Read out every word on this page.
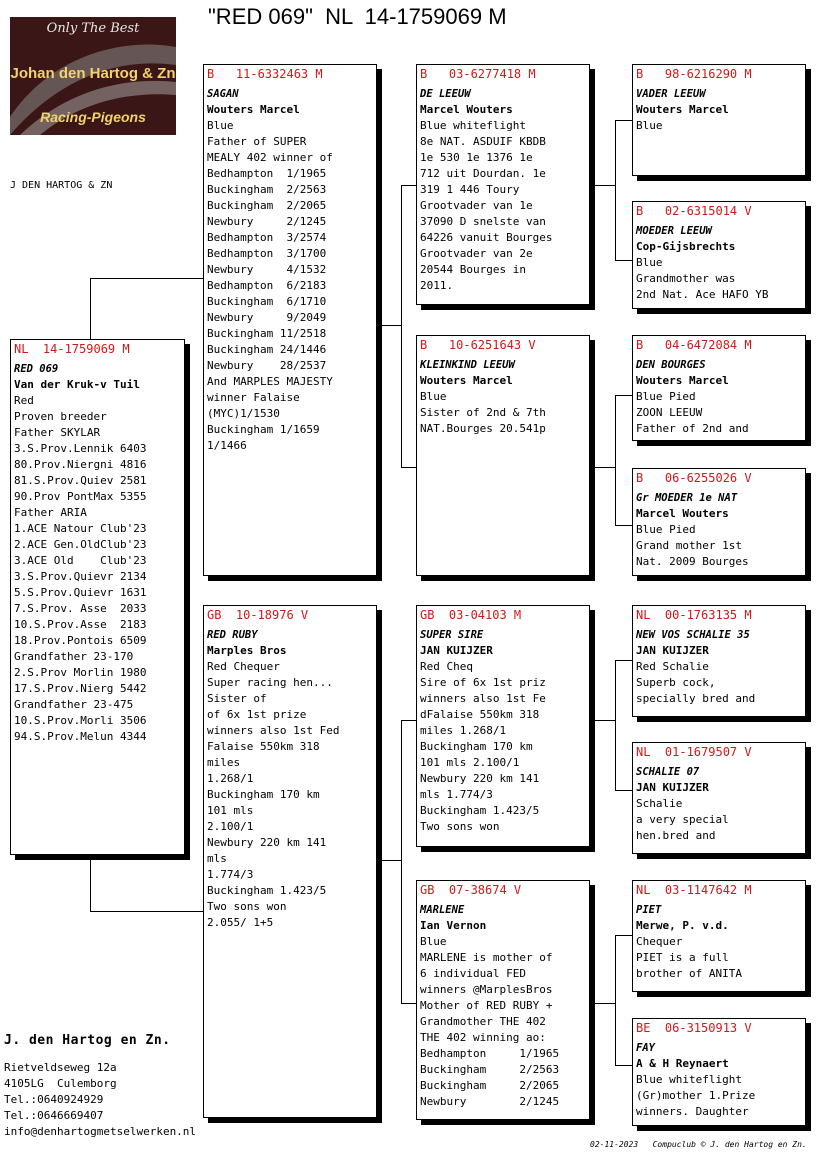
"RED 069"  NL  14-1759069 M
Only The Best
Johan den Hartog & Zn
Racing-Pigeons
J DEN HARTOG & ZN
NL  14-1759069 M
RED 069
Van der Kruk-v Tuil
Red
Proven breeder
Father SKYLAR
3.S.Prov.Lennik 6403
80.Prov.Niergni 4816
81.S.Prov.Quiev 2581
90.Prov PontMax 5355
Father ARIA
1.ACE Natour Club'23
2.ACE Gen.OldClub'23
3.ACE Old    Club'23
3.S.Prov.Quievr 2134
5.S.Prov.Quievr 1631
7.S.Prov. Asse  2033
10.S.Prov.Asse  2183
18.Prov.Pontois 6509
Grandfather 23-170
2.S.Prov Morlin 1980
17.S.Prov.Nierg 5442
Grandfather 23-475
10.S.Prov.Morli 3506
94.S.Prov.Melun 4344
B   11-6332463 M
SAGAN
Wouters Marcel
Blue
Father of SUPER
MEALY 402 winner of
Bedhampton  1/1965
Buckingham  2/2563
Buckingham  2/2065
Newbury     2/1245
Bedhampton  3/2574
Bedhampton  3/1700
Newbury     4/1532
Bedhampton  6/2183
Buckingham  6/1710
Newbury     9/2049
Buckingham 11/2518
Buckingham 24/1446
Newbury    28/2537
And MARPLES MAJESTY
winner Falaise
(MYC)1/1530
Buckingham 1/1659
1/1466
GB  10-18976 V
RED RUBY
Marples Bros
Red Chequer
Super racing hen...
Sister of
of 6x 1st prize
winners also 1st Fed
Falaise 550km 318
miles
1.268/1
Buckingham 170 km
101 mls
2.100/1
Newbury 220 km 141
mls
1.774/3
Buckingham 1.423/5
Two sons won
2.055/ 1+5
B   03-6277418 M
DE LEEUW
Marcel Wouters
Blue whiteflight
8e NAT. ASDUIF KBDB
1e 530 1e 1376 1e
712 uit Dourdan. 1e
319 1 446 Toury
Grootvader van 1e
37090 D snelste van
64226 vanuit Bourges
Grootvader van 2e
20544 Bourges in
2011.
B   10-6251643 V
KLEINKIND LEEUW
Wouters Marcel
Blue
Sister of 2nd & 7th
NAT.Bourges 20.541p
GB  03-04103 M
SUPER SIRE
JAN KUIJZER
Red Cheq
Sire of 6x 1st priz
winners also 1st Fe
dFalaise 550km 318
miles 1.268/1
Buckingham 170 km
101 mls 2.100/1
Newbury 220 km 141
mls 1.774/3
Buckingham 1.423/5
Two sons won
GB  07-38674 V
MARLENE
Ian Vernon
Blue
MARLENE is mother of
6 individual FED
winners @MarplesBros
Mother of RED RUBY +
Grandmother THE 402
THE 402 winning ao:
Bedhampton     1/1965
Buckingham     2/2563
Buckingham     2/2065
Newbury        2/1245
B   98-6216290 M
VADER LEEUW
Wouters Marcel
Blue
B   02-6315014 V
MOEDER LEEUW
Cop-Gijsbrechts
Blue
Grandmother was
2nd Nat. Ace HAFO YB
B   04-6472084 M
DEN BOURGES
Wouters Marcel
Blue Pied
ZOON LEEUW
Father of 2nd and
B   06-6255026 V
Gr MOEDER 1e NAT
Marcel Wouters
Blue Pied
Grand mother 1st
Nat. 2009 Bourges
NL  00-1763135 M
NEW VOS SCHALIE 35
JAN KUIJZER
Red Schalie
Superb cock,
specially bred and
NL  01-1679507 V
SCHALIE 07
JAN KUIJZER
Schalie
a very special
hen.bred and
NL  03-1147642 M
PIET
Merwe, P. v.d.
Chequer
PIET is a full
brother of ANITA
BE  06-3150913 V
FAY
A & H Reynaert
Blue whiteflight
(Gr)mother 1.Prize
winners. Daughter
J. den Hartog en Zn.
Rietveldseweg 12a
4105LG  Culemborg
Tel.:0640924929
Tel.:0646669407
info@denhartogmetselwerken.nl
02-11-2023   Compuclub © J. den Hartog en Zn.
